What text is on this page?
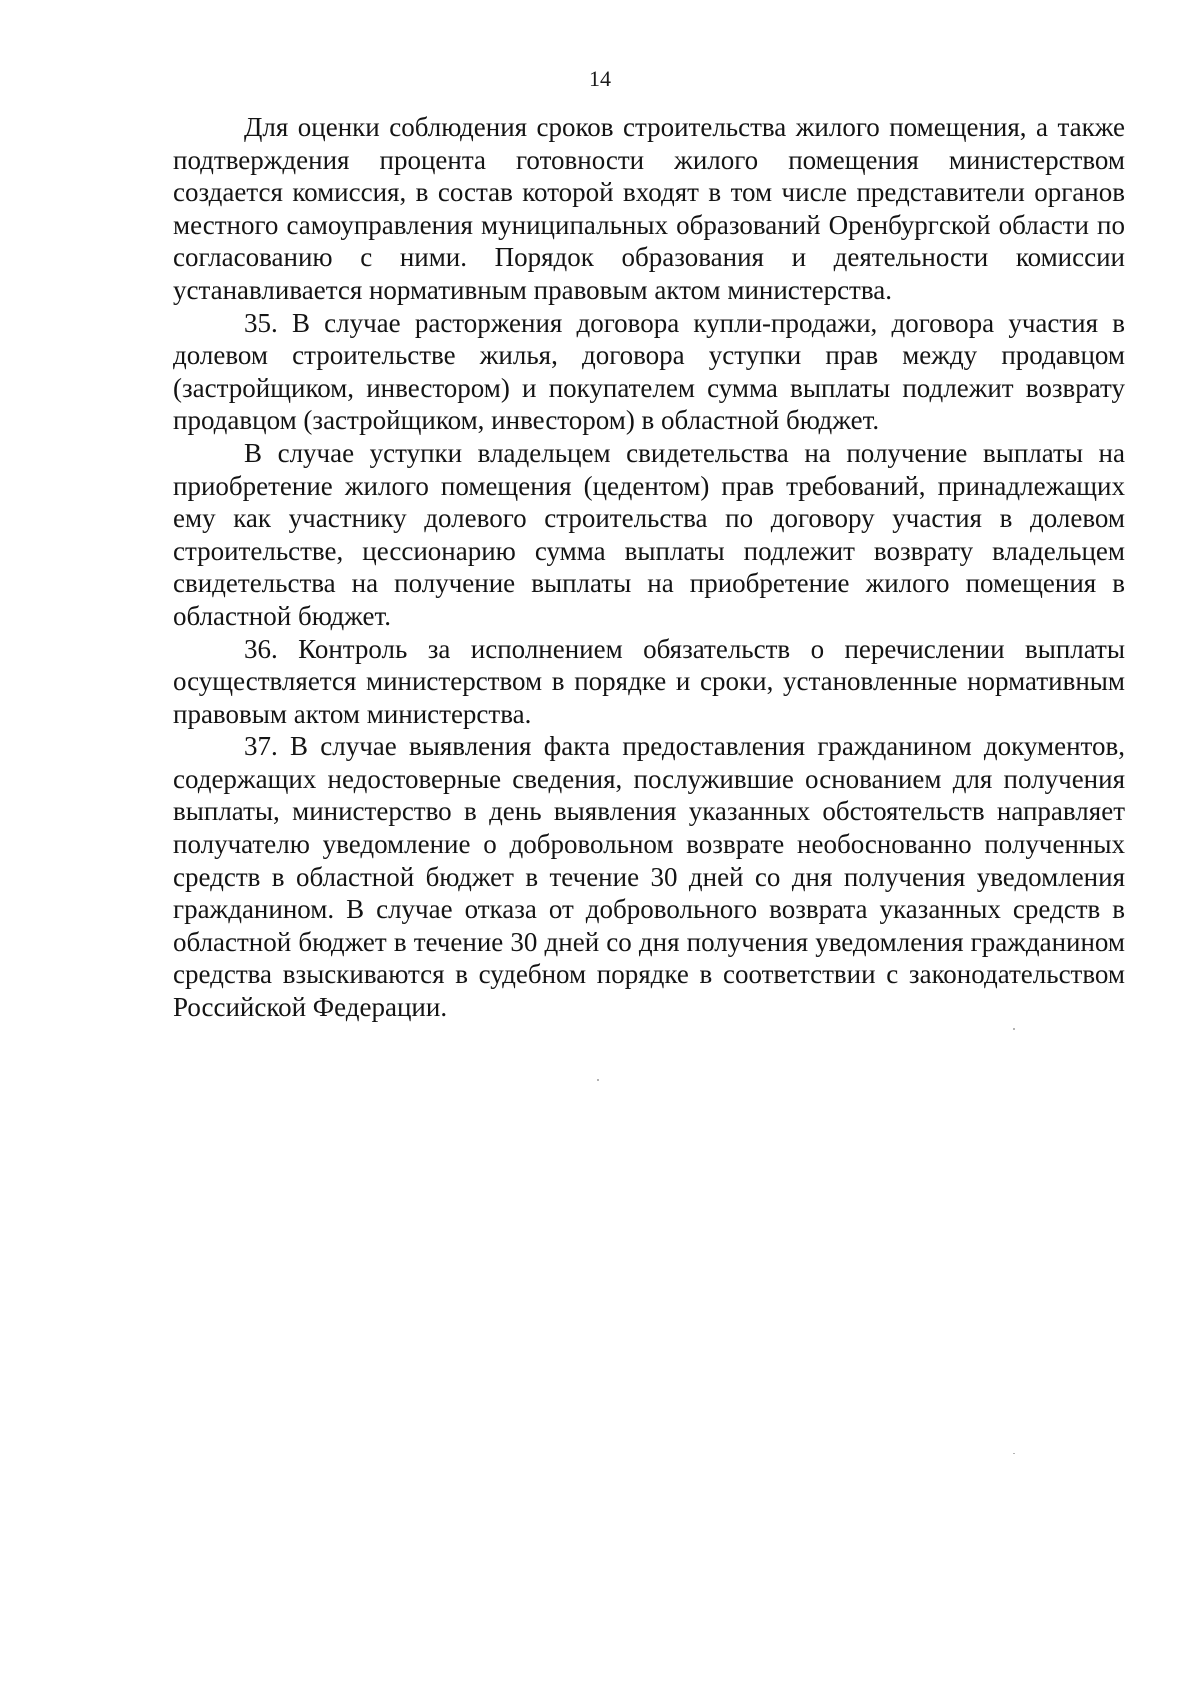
14

Для оценки соблюдения сроков строительства жилого помещения, а также подтверждения процента готовности жилого помещения министерством создается комиссия, в состав которой входят в том числе представители органов местного самоуправления муниципальных образований Оренбургской области по согласованию с ними. Порядок образования и деятельности комиссии устанавливается нормативным правовым актом министерства.

35. В случае расторжения договора купли-продажи, договора участия в долевом строительстве жилья, договора уступки прав между продавцом (застройщиком, инвестором) и покупателем сумма выплаты подлежит возврату продавцом (застройщиком, инвестором) в областной бюджет.

В случае уступки владельцем свидетельства на получение выплаты на приобретение жилого помещения (цедентом) прав требований, принадлежащих ему как участнику долевого строительства по договору участия в долевом строительстве, цессионарию сумма выплаты подлежит возврату владельцем свидетельства на получение выплаты на приобретение жилого помещения в областной бюджет.

36. Контроль за исполнением обязательств о перечислении выплаты осуществляется министерством в порядке и сроки, установленные нормативным правовым актом министерства.

37. В случае выявления факта предоставления гражданином документов, содержащих недостоверные сведения, послужившие основанием для получения выплаты, министерство в день выявления указанных обстоятельств направляет получателю уведомление о добровольном возврате необоснованно полученных средств в областной бюджет в течение 30 дней со дня получения уведомления гражданином. В случае отказа от добровольного возврата указанных средств в областной бюджет в течение 30 дней со дня получения уведомления гражданином средства взыскиваются в судебном порядке в соответствии с законодательством Российской Федерации.
